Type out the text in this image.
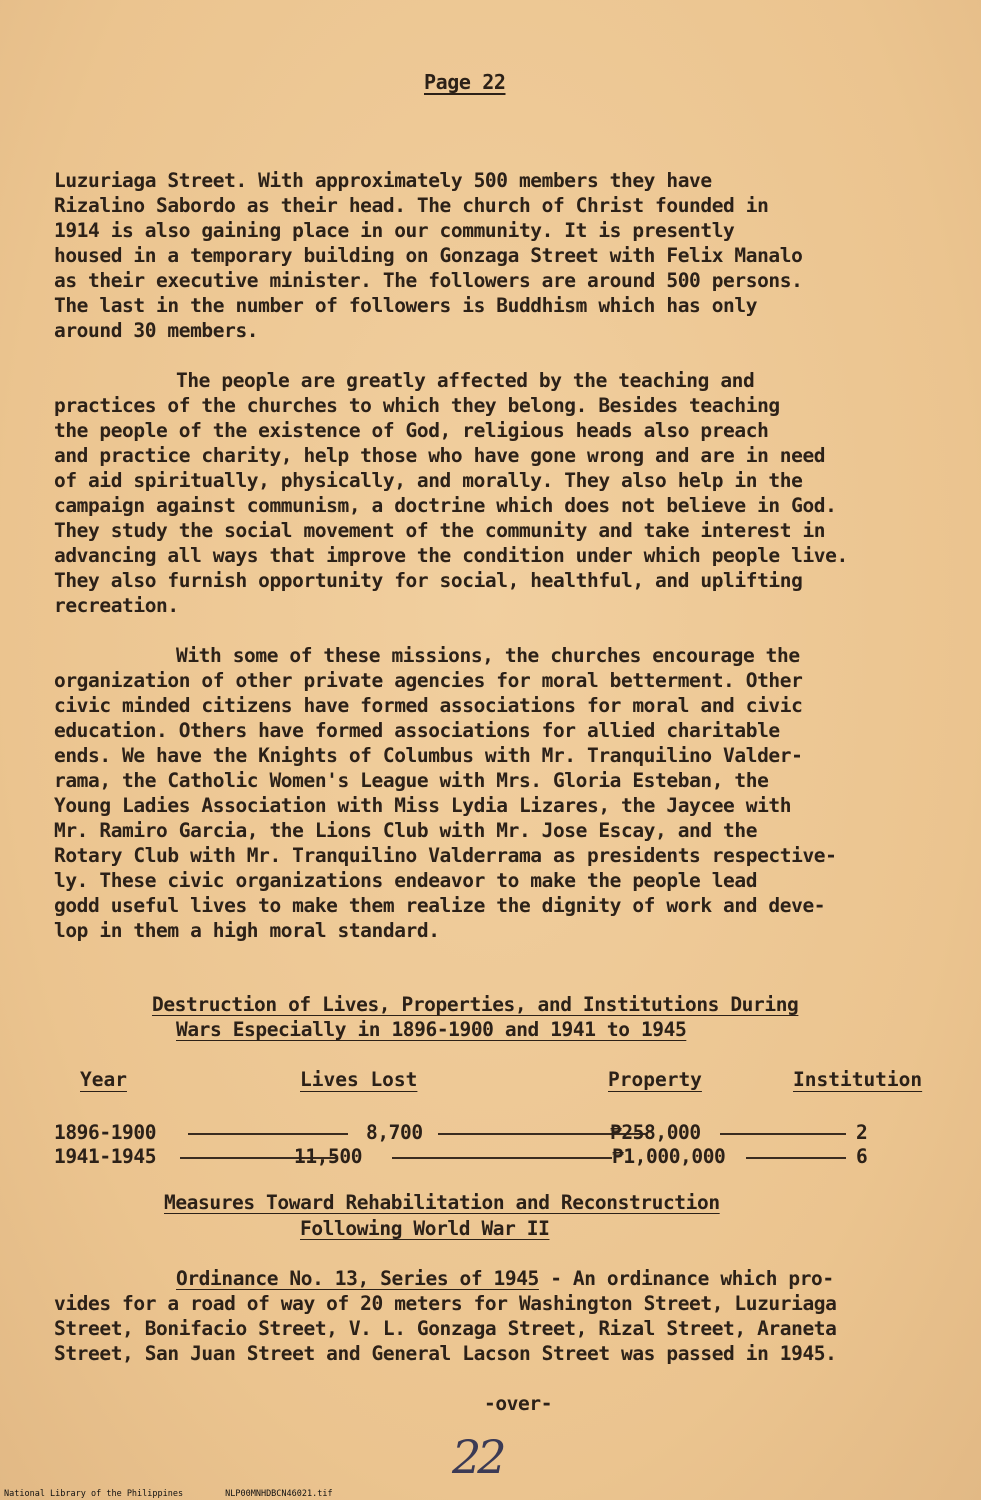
Page 22
Luzuriaga Street. With approximately 500 members they have
Rizalino Sabordo as their head. The church of Christ founded in
1914 is also gaining place in our community. It is presently
housed in a temporary building on Gonzaga Street with Felix Manalo
as their executive minister. The followers are around 500 persons.
The last in the number of followers is Buddhism which has only
around 30 members.
The people are greatly affected by the teaching and
practices of the churches to which they belong. Besides teaching
the people of the existence of God, religious heads also preach
and practice charity, help those who have gone wrong and are in need
of aid spiritually, physically, and morally. They also help in the
campaign against communism, a doctrine which does not believe in God.
They study the social movement of the community and take interest in
advancing all ways that improve the condition under which people live.
They also furnish opportunity for social, healthful, and uplifting
recreation.
With some of these missions, the churches encourage the
organization of other private agencies for moral betterment. Other
civic minded citizens have formed associations for moral and civic
education. Others have formed associations for allied charitable
ends. We have the Knights of Columbus with Mr. Tranquilino Valder-
rama, the Catholic Women's League with Mrs. Gloria Esteban, the
Young Ladies Association with Miss Lydia Lizares, the Jaycee with
Mr. Ramiro Garcia, the Lions Club with Mr. Jose Escay, and the
Rotary Club with Mr. Tranquilino Valderrama as presidents respective-
ly. These civic organizations endeavor to make the people lead
godd useful lives to make them realize the dignity of work and deve-
lop in them a high moral standard.
Destruction of Lives, Properties, and Institutions During
Wars Especially in 1896-1900 and 1941 to 1945
Year	Lives Lost	Property	Institution
1896-1900	8,700	₱258,000	2
1941-1945	11,500	₱1,000,000	6
Measures Toward Rehabilitation and Reconstruction
Following World War II
Ordinance No. 13, Series of 1945 - An ordinance which pro-
vides for a road of way of 20 meters for Washington Street, Luzuriaga
Street, Bonifacio Street, V. L. Gonzaga Street, Rizal Street, Araneta
Street, San Juan Street and General Lacson Street was passed in 1945.
-over-
22
National Library of the Philippines	NLP00MNHDBCN46021.tif
